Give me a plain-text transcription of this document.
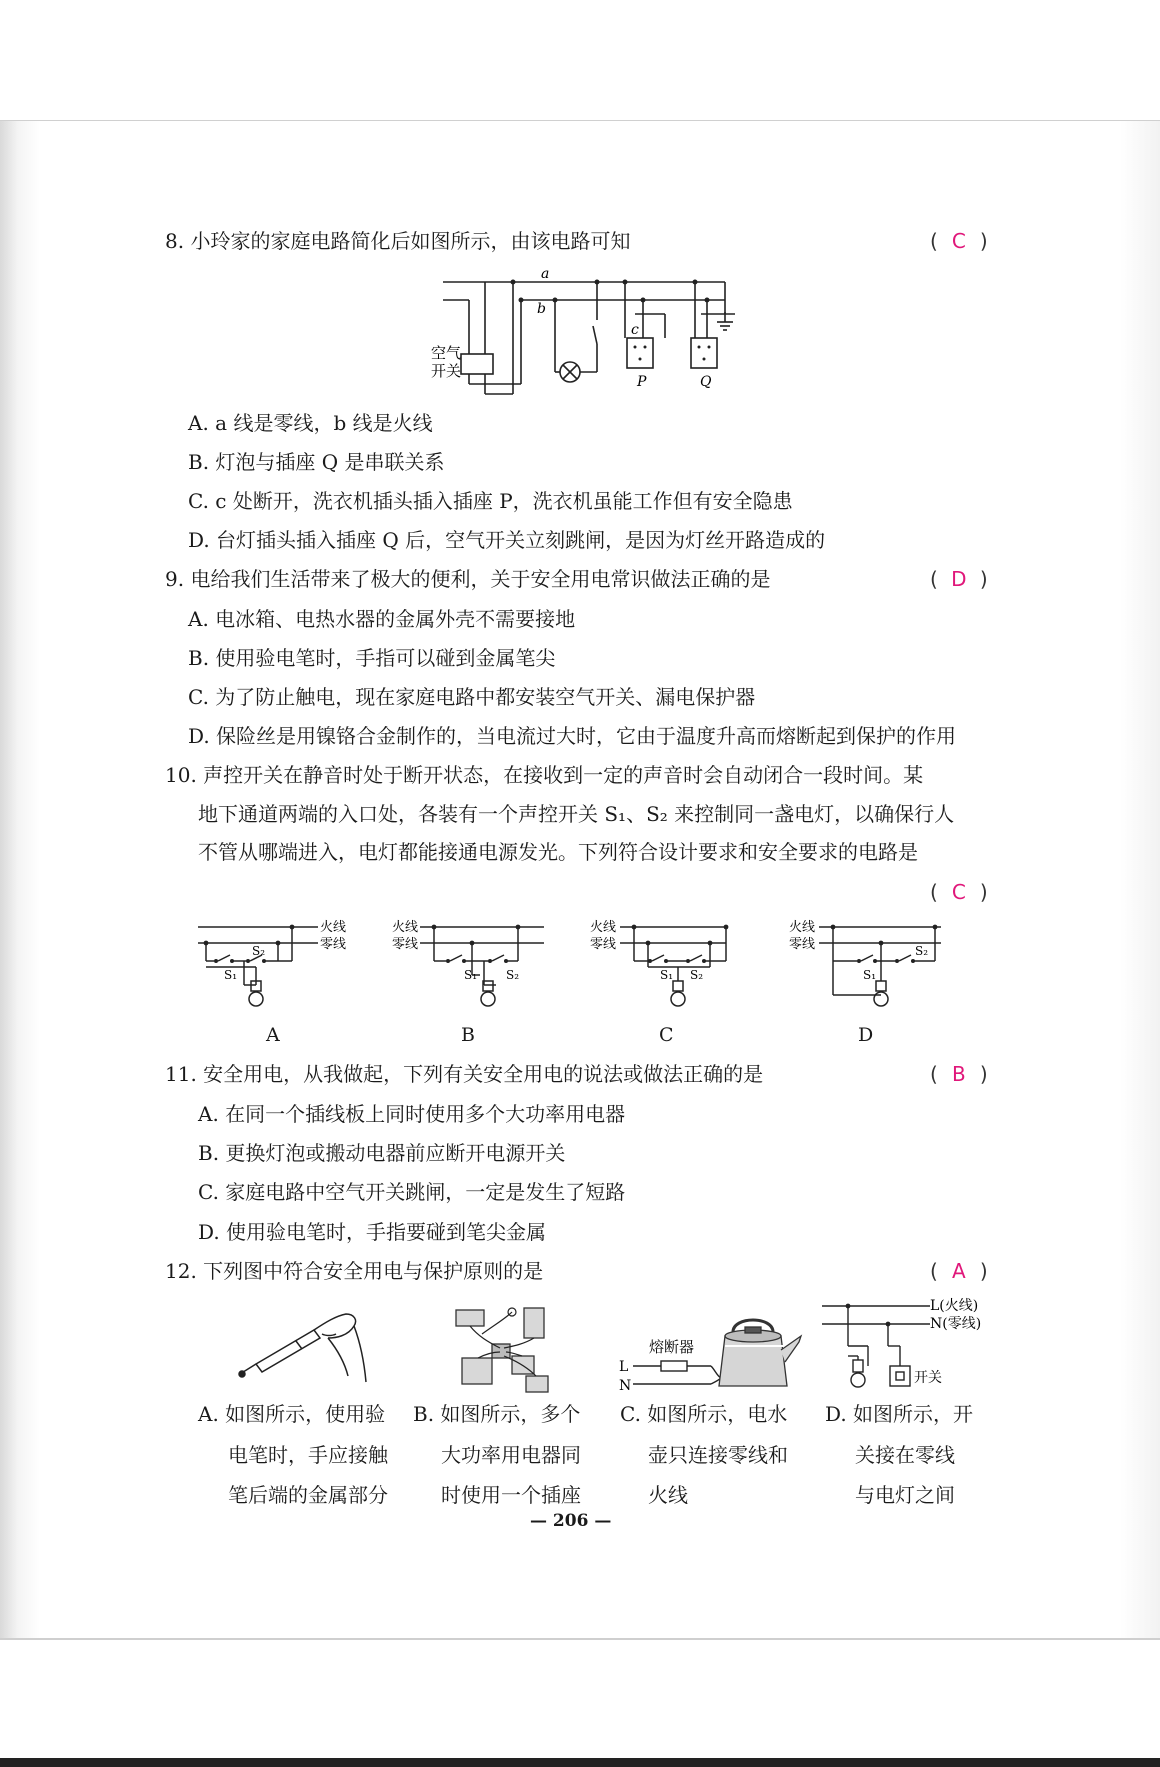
8. 小玲家的家庭电路简化后如图所示，由该电路可知	( C )
a
b
c
P	Q
空气
开关
A. a 线是零线，b 线是火线
B. 灯泡与插座 Q 是串联关系
C. c 处断开，洗衣机插头插入插座 P，洗衣机虽能工作但有安全隐患
D. 台灯插头插入插座 Q 后，空气开关立刻跳闸，是因为灯丝开路造成的
9. 电给我们生活带来了极大的便利，关于安全用电常识做法正确的是	( D )
A. 电冰箱、电热水器的金属外壳不需要接地
B. 使用验电笔时，手指可以碰到金属笔尖
C. 为了防止触电，现在家庭电路中都安装空气开关、漏电保护器
D. 保险丝是用镍铬合金制作的，当电流过大时，它由于温度升高而熔断起到保护的作用
10. 声控开关在静音时处于断开状态，在接收到一定的声音时会自动闭合一段时间。某
地下通道两端的入口处，各装有一个声控开关 S₁、S₂ 来控制同一盏电灯，以确保行人
不管从哪端进入，电灯都能接通电源发光。下列符合设计要求和安全要求的电路是
( C )
火线
零线
S₁
S₂
A
火线
零线
S₁ S₂
B
火线
零线
S₁ S₂
C
火线
零线
S₁
S₂
D
11. 安全用电，从我做起，下列有关安全用电的说法或做法正确的是	( B )
A. 在同一个插线板上同时使用多个大功率用电器
B. 更换灯泡或搬动电器前应断开电源开关
C. 家庭电路中空气开关跳闸，一定是发生了短路
D. 使用验电笔时，手指要碰到笔尖金属
12. 下列图中符合安全用电与保护原则的是	( A )
熔断器
L
N
L(火线)
N(零线)
开关
A. 如图所示，使用验
电笔时，手应接触
笔后端的金属部分
B. 如图所示，多个
大功率用电器同
时使用一个插座
C. 如图所示，电水
壶只连接零线和
火线
D. 如图所示，开
关接在零线
与电灯之间
— 206 —
